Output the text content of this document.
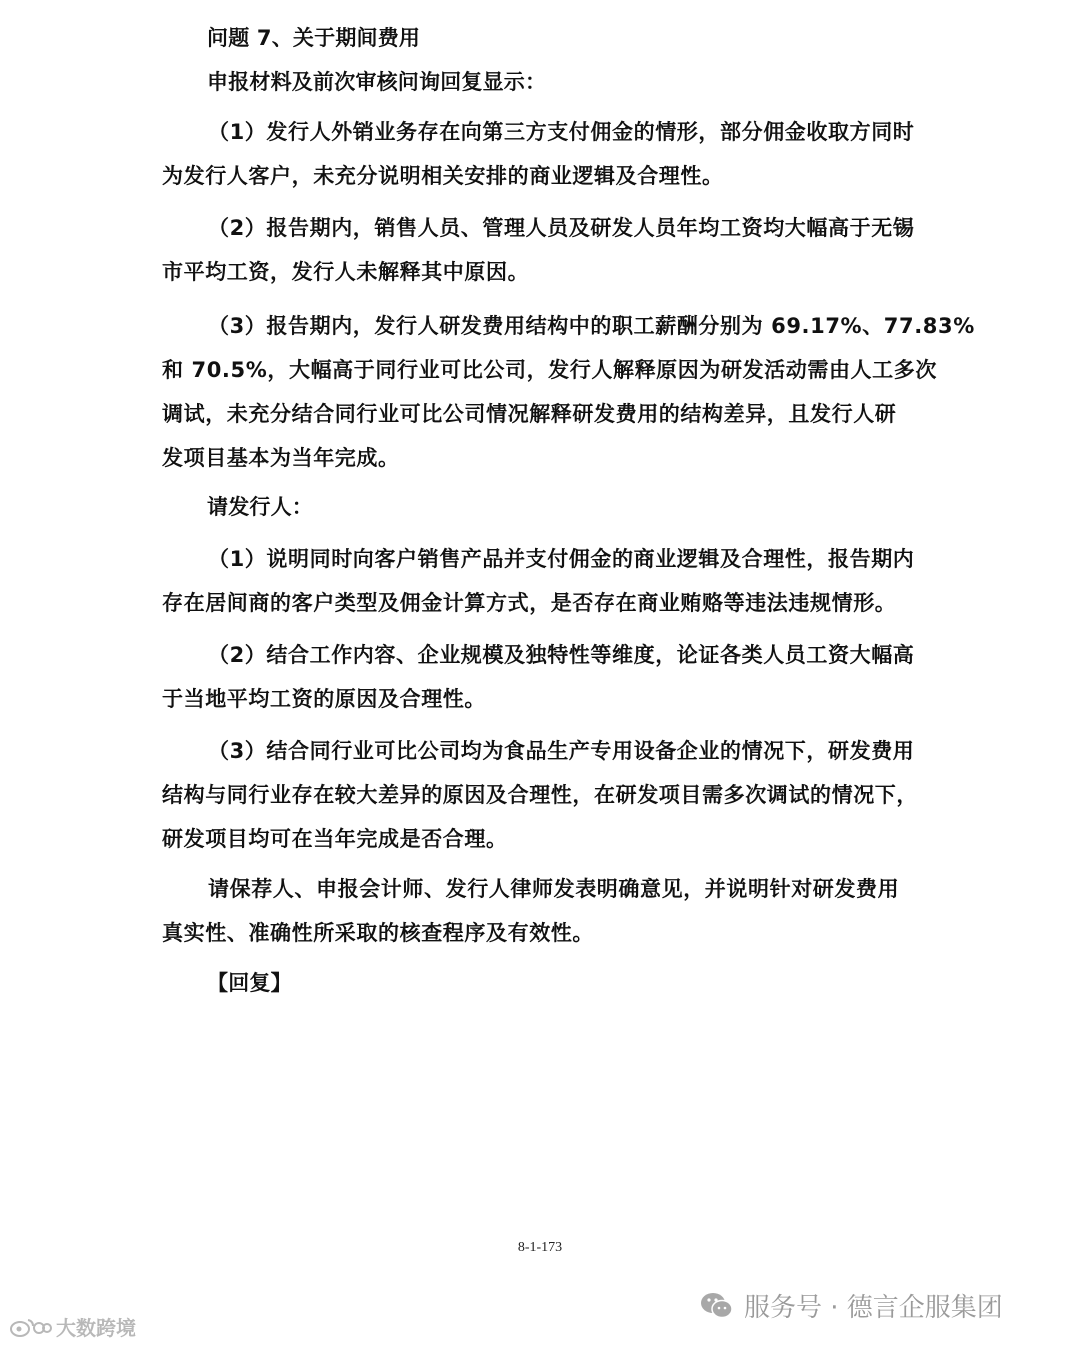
问题 7、关于期间费用
申报材料及前次审核问询回复显示：
（1）发行人外销业务存在向第三方支付佣金的情形，部分佣金收取方同时
为发行人客户，未充分说明相关安排的商业逻辑及合理性。
（2）报告期内，销售人员、管理人员及研发人员年均工资均大幅高于无锡
市平均工资，发行人未解释其中原因。
（3）报告期内，发行人研发费用结构中的职工薪酬分别为 69.17%、77.83%
和 70.5%，大幅高于同行业可比公司，发行人解释原因为研发活动需由人工多次
调试，未充分结合同行业可比公司情况解释研发费用的结构差异，且发行人研
发项目基本为当年完成。
请发行人：
（1）说明同时向客户销售产品并支付佣金的商业逻辑及合理性，报告期内
存在居间商的客户类型及佣金计算方式，是否存在商业贿赂等违法违规情形。
（2）结合工作内容、企业规模及独特性等维度，论证各类人员工资大幅高
于当地平均工资的原因及合理性。
（3）结合同行业可比公司均为食品生产专用设备企业的情况下，研发费用
结构与同行业存在较大差异的原因及合理性，在研发项目需多次调试的情况下，
研发项目均可在当年完成是否合理。
请保荐人、申报会计师、发行人律师发表明确意见，并说明针对研发费用
真实性、准确性所采取的核查程序及有效性。
【回复】
8-1-173
服务号 · 德言企服集团
大数跨境
